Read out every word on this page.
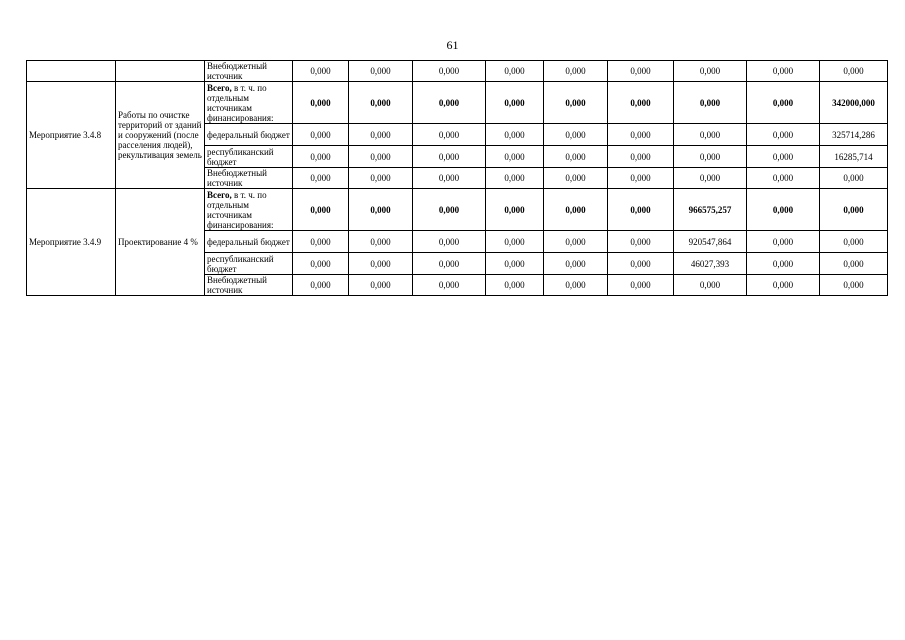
61
		Внебюджетный источник	0,000	0,000	0,000	0,000	0,000	0,000	0,000	0,000	0,000
Мероприятие 3.4.8	Работы по очистке территорий от зданий и сооружений (после расселения людей), рекультивация земель	Всего, в т. ч. по отдельным источникам финансирования:	0,000	0,000	0,000	0,000	0,000	0,000	0,000	0,000	342000,000
		федеральный бюджет	0,000	0,000	0,000	0,000	0,000	0,000	0,000	0,000	325714,286
		республиканский бюджет	0,000	0,000	0,000	0,000	0,000	0,000	0,000	0,000	16285,714
		Внебюджетный источник	0,000	0,000	0,000	0,000	0,000	0,000	0,000	0,000	0,000
Мероприятие 3.4.9	Проектирование 4 %	Всего, в т. ч. по отдельным источникам финансирования:	0,000	0,000	0,000	0,000	0,000	0,000	966575,257	0,000	0,000
		федеральный бюджет	0,000	0,000	0,000	0,000	0,000	0,000	920547,864	0,000	0,000
		республиканский бюджет	0,000	0,000	0,000	0,000	0,000	0,000	46027,393	0,000	0,000
		Внебюджетный источник	0,000	0,000	0,000	0,000	0,000	0,000	0,000	0,000	0,000
